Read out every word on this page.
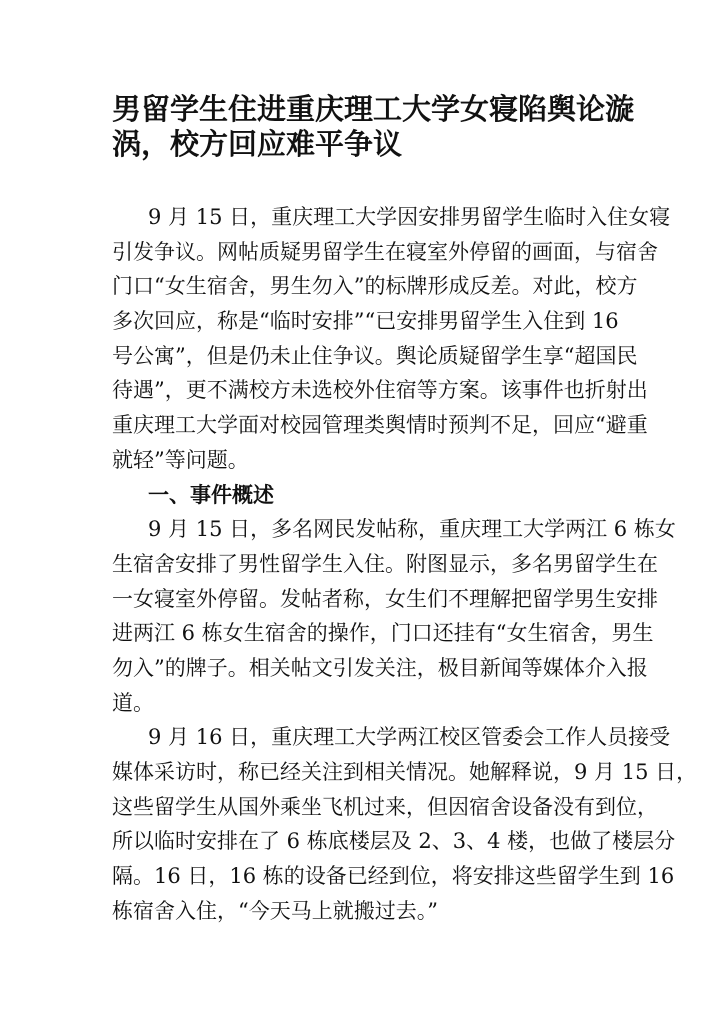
男留学生住进重庆理工大学女寝陷舆论漩
涡，校方回应难平争议
9 月 15 日，重庆理工大学因安排男留学生临时入住女寝
引发争议。网帖质疑男留学生在寝室外停留的画面，与宿舍
门口“女生宿舍，男生勿入”的标牌形成反差。对此，校方
多次回应，称是“临时安排”“已安排男留学生入住到 16
号公寓”，但是仍未止住争议。舆论质疑留学生享“超国民
待遇”，更不满校方未选校外住宿等方案。该事件也折射出
重庆理工大学面对校园管理类舆情时预判不足，回应“避重
就轻”等问题。
一、事件概述
9 月 15 日，多名网民发帖称，重庆理工大学两江 6 栋女
生宿舍安排了男性留学生入住。附图显示，多名男留学生在
一女寝室外停留。发帖者称，女生们不理解把留学男生安排
进两江 6 栋女生宿舍的操作，门口还挂有“女生宿舍，男生
勿入”的牌子。相关帖文引发关注，极目新闻等媒体介入报
道。
9 月 16 日，重庆理工大学两江校区管委会工作人员接受
媒体采访时，称已经关注到相关情况。她解释说，9 月 15 日，
这些留学生从国外乘坐飞机过来，但因宿舍设备没有到位，
所以临时安排在了 6 栋底楼层及 2、3、4 楼，也做了楼层分
隔。16 日，16 栋的设备已经到位，将安排这些留学生到 16
栋宿舍入住，“今天马上就搬过去。”
